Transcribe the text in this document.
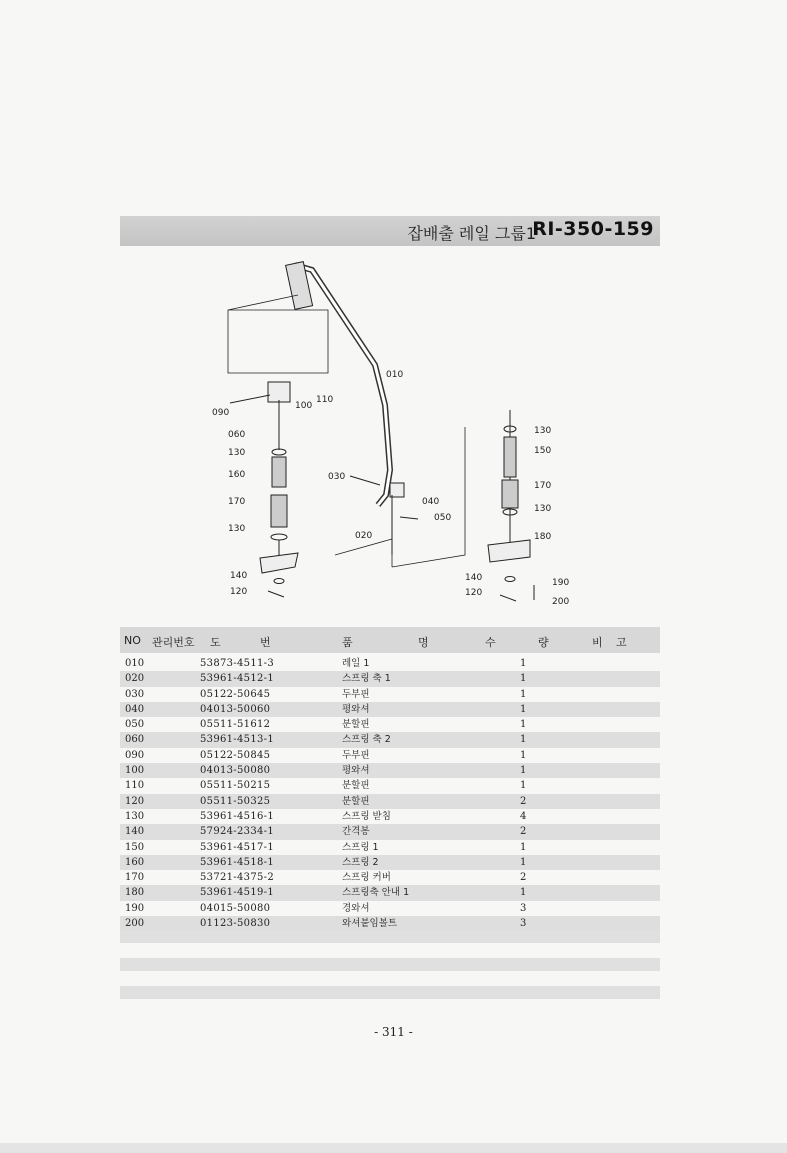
잡배출 레일 그룹1
RI-350-159
010
090
100
110
060
130
160
170
130
140
120
030
040
050
020
130
150
170
130
180
140	190
120
200
NO 관리번호 도	번	품	명	수	량	비 고
010	53873-4511-3	레일 1	1
020	53961-4512-1	스프링 축 1	1
030	05122-50645	두부핀	1
040	04013-50060	평와셔	1
050	05511-51612	분할핀	1
060	53961-4513-1	스프링 축 2	1
090	05122-50845	두부핀	1
100	04013-50080	평와셔	1
110	05511-50215	분할핀	1
120	05511-50325	분할핀	2
130	53961-4516-1	스프링 받침	4
140	57924-2334-1	간격봉	2
150	53961-4517-1	스프링 1	1
160	53961-4518-1	스프링 2	1
170	53721-4375-2	스프링 커버	2
180	53961-4519-1	스프링축 안내 1	1
190	04015-50080	경와셔	3
200	01123-50830	와셔붙임볼트	3
- 311 -
